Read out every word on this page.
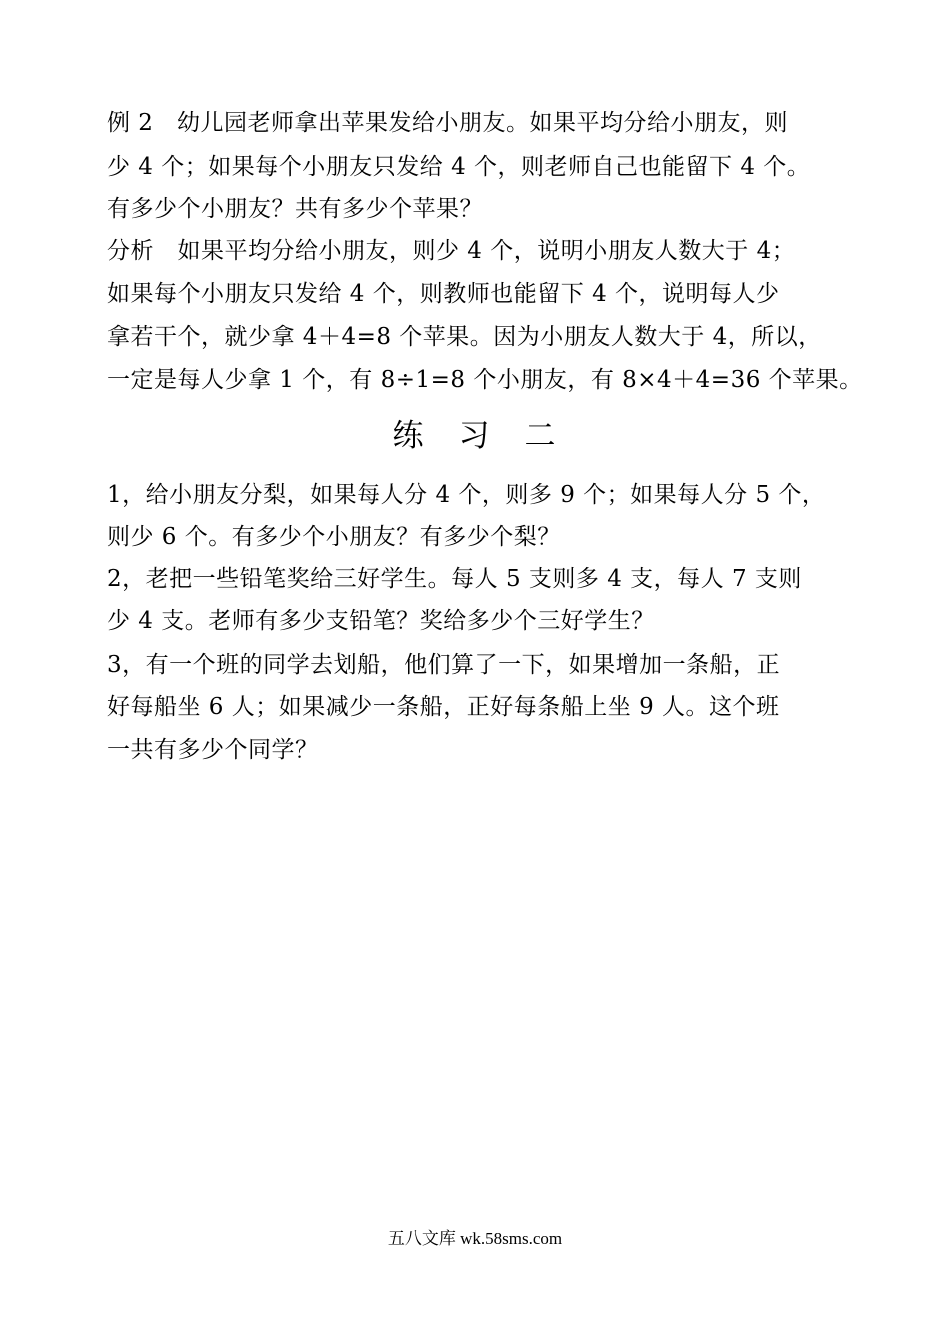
例 2　幼儿园老师拿出苹果发给小朋友。如果平均分给小朋友，则
少 4 个；如果每个小朋友只发给 4 个，则老师自己也能留下 4 个。
有多少个小朋友？共有多少个苹果？
分析　如果平均分给小朋友，则少 4 个，说明小朋友人数大于 4；
如果每个小朋友只发给 4 个，则教师也能留下 4 个，说明每人少
拿若干个，就少拿 4＋4=8 个苹果。因为小朋友人数大于 4，所以，
一定是每人少拿 1 个，有 8÷1=8 个小朋友，有 8×4＋4=36 个苹果。
练　习　二
1，给小朋友分梨，如果每人分 4 个，则多 9 个；如果每人分 5 个，
则少 6 个。有多少个小朋友？有多少个梨？
2，老把一些铅笔奖给三好学生。每人 5 支则多 4 支，每人 7 支则
少 4 支。老师有多少支铅笔？奖给多少个三好学生？
3，有一个班的同学去划船，他们算了一下，如果增加一条船，正
好每船坐 6 人；如果减少一条船，正好每条船上坐 9 人。这个班
一共有多少个同学？
五八文库 wk.58sms.com
